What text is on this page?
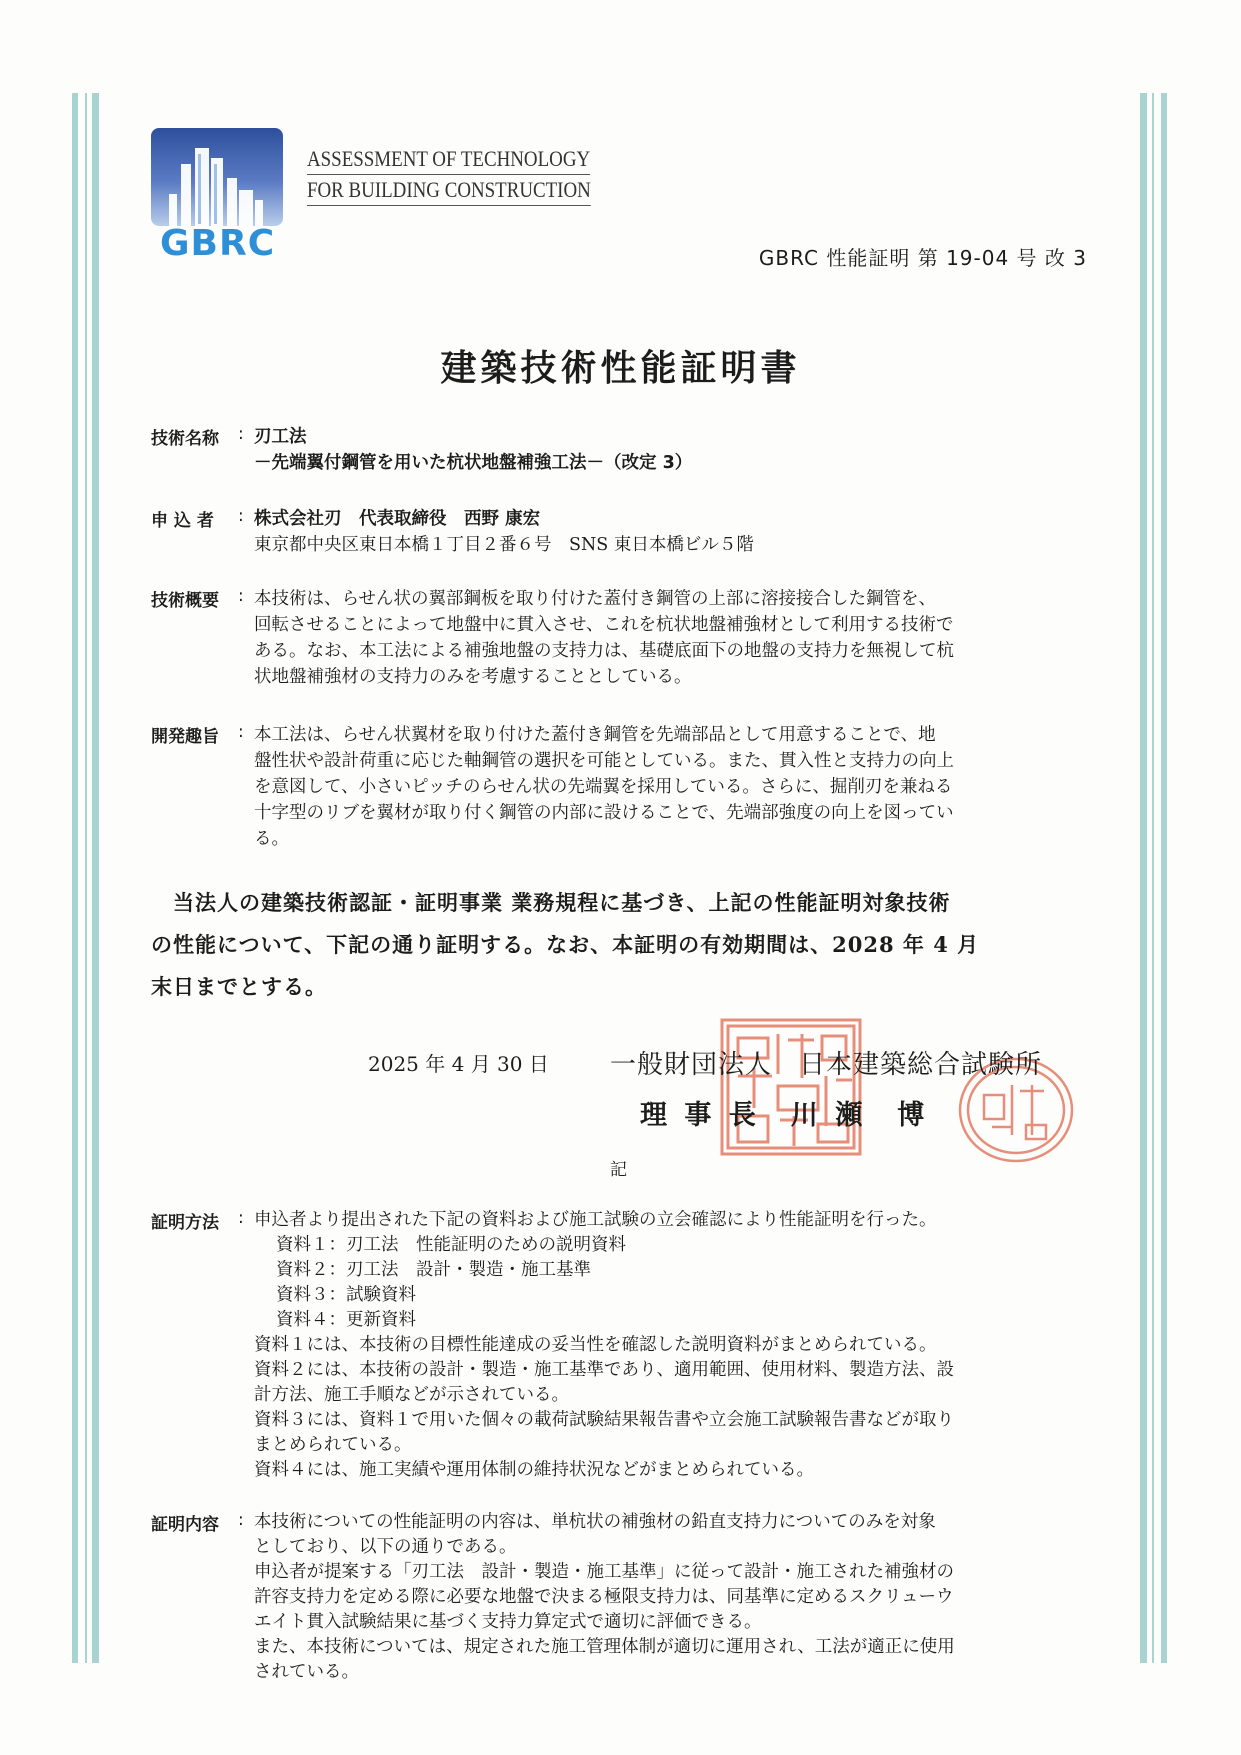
GBRC
ASSESSMENT OF TECHNOLOGY
FOR BUILDING CONSTRUCTION
GBRC 性能証明 第 19-04 号 改 3
建築技術性能証明書
技術名称	: 刃工法
－先端翼付鋼管を用いた杭状地盤補強工法－（改定 3）
申 込 者	: 株式会社刃　代表取締役　西野 康宏
東京都中央区東日本橋１丁目２番６号　SNS 東日本橋ビル５階
技術概要	: 本技術は、らせん状の翼部鋼板を取り付けた蓋付き鋼管の上部に溶接接合した鋼管を、
回転させることによって地盤中に貫入させ、これを杭状地盤補強材として利用する技術で
ある。なお、本工法による補強地盤の支持力は、基礎底面下の地盤の支持力を無視して杭
状地盤補強材の支持力のみを考慮することとしている。
開発趣旨	: 本工法は、らせん状翼材を取り付けた蓋付き鋼管を先端部品として用意することで、地
盤性状や設計荷重に応じた軸鋼管の選択を可能としている。また、貫入性と支持力の向上
を意図して、小さいピッチのらせん状の先端翼を採用している。さらに、掘削刃を兼ねる
十字型のリブを翼材が取り付く鋼管の内部に設けることで、先端部強度の向上を図ってい
る。
　当法人の建築技術認証・証明事業 業務規程に基づき、上記の性能証明対象技術
の性能について、下記の通り証明する。なお、本証明の有効期間は、2028 年 4 月
末日までとする。
2025 年 4 月 30 日 一般財団法人　日本建築総合試験所
理 事 長　川 瀬　博
記
証明方法	: 申込者より提出された下記の資料および施工試験の立会確認により性能証明を行った。
資料１：刃工法　性能証明のための説明資料
資料２：刃工法　設計・製造・施工基準
資料３：試験資料
資料４：更新資料
資料１には、本技術の目標性能達成の妥当性を確認した説明資料がまとめられている。
資料２には、本技術の設計・製造・施工基準であり、適用範囲、使用材料、製造方法、設
計方法、施工手順などが示されている。
資料３には、資料１で用いた個々の載荷試験結果報告書や立会施工試験報告書などが取り
まとめられている。
資料４には、施工実績や運用体制の維持状況などがまとめられている。
証明内容	: 本技術についての性能証明の内容は、単杭状の補強材の鉛直支持力についてのみを対象
としており、以下の通りである。
申込者が提案する「刃工法　設計・製造・施工基準」に従って設計・施工された補強材の
許容支持力を定める際に必要な地盤で決まる極限支持力は、同基準に定めるスクリューウ
エイト貫入試験結果に基づく支持力算定式で適切に評価できる。
また、本技術については、規定された施工管理体制が適切に運用され、工法が適正に使用
されている。
